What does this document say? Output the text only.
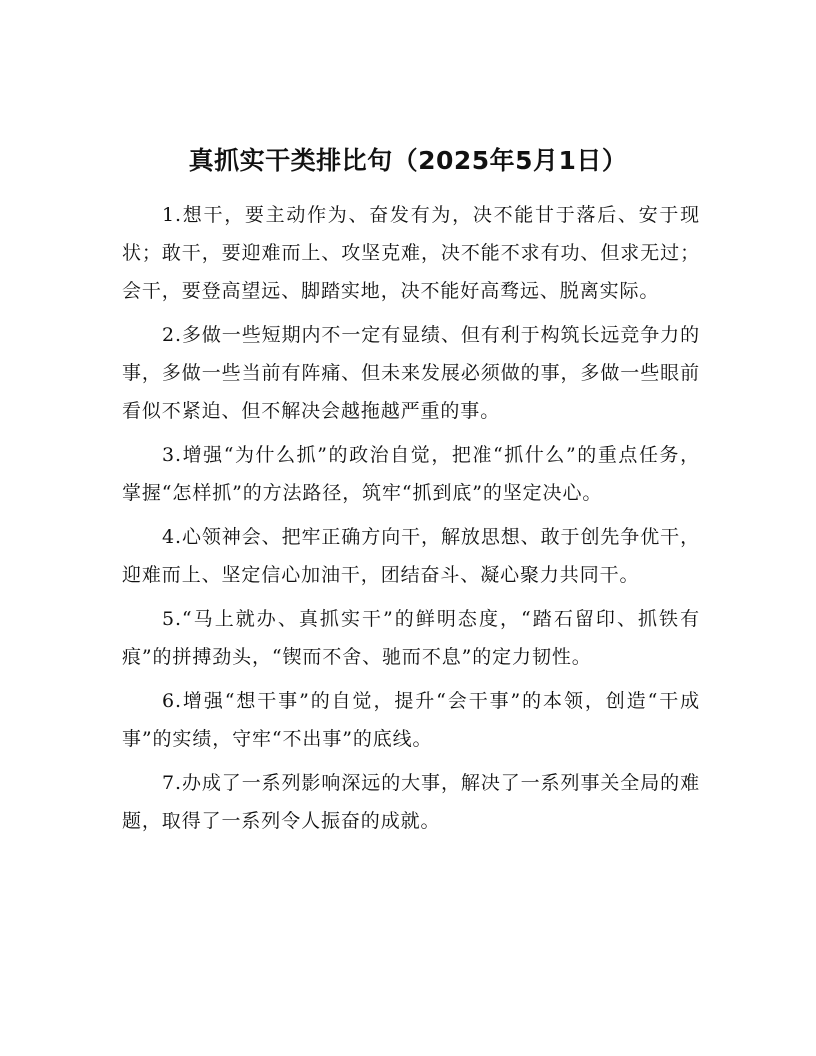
真抓实干类排比句（2025年5月1日）

1.想干，要主动作为、奋发有为，决不能甘于落后、安于现状；敢干，要迎难而上、攻坚克难，决不能不求有功、但求无过；会干，要登高望远、脚踏实地，决不能好高骛远、脱离实际。

2.多做一些短期内不一定有显绩、但有利于构筑长远竞争力的事，多做一些当前有阵痛、但未来发展必须做的事，多做一些眼前看似不紧迫、但不解决会越拖越严重的事。

3.增强“为什么抓”的政治自觉，把准“抓什么”的重点任务，掌握“怎样抓”的方法路径，筑牢“抓到底”的坚定决心。

4.心领神会、把牢正确方向干，解放思想、敢于创先争优干，迎难而上、坚定信心加油干，团结奋斗、凝心聚力共同干。

5.“马上就办、真抓实干”的鲜明态度，“踏石留印、抓铁有痕”的拼搏劲头，“锲而不舍、驰而不息”的定力韧性。

6.增强“想干事”的自觉，提升“会干事”的本领，创造“干成事”的实绩，守牢“不出事”的底线。

7.办成了一系列影响深远的大事，解决了一系列事关全局的难题，取得了一系列令人振奋的成就。
